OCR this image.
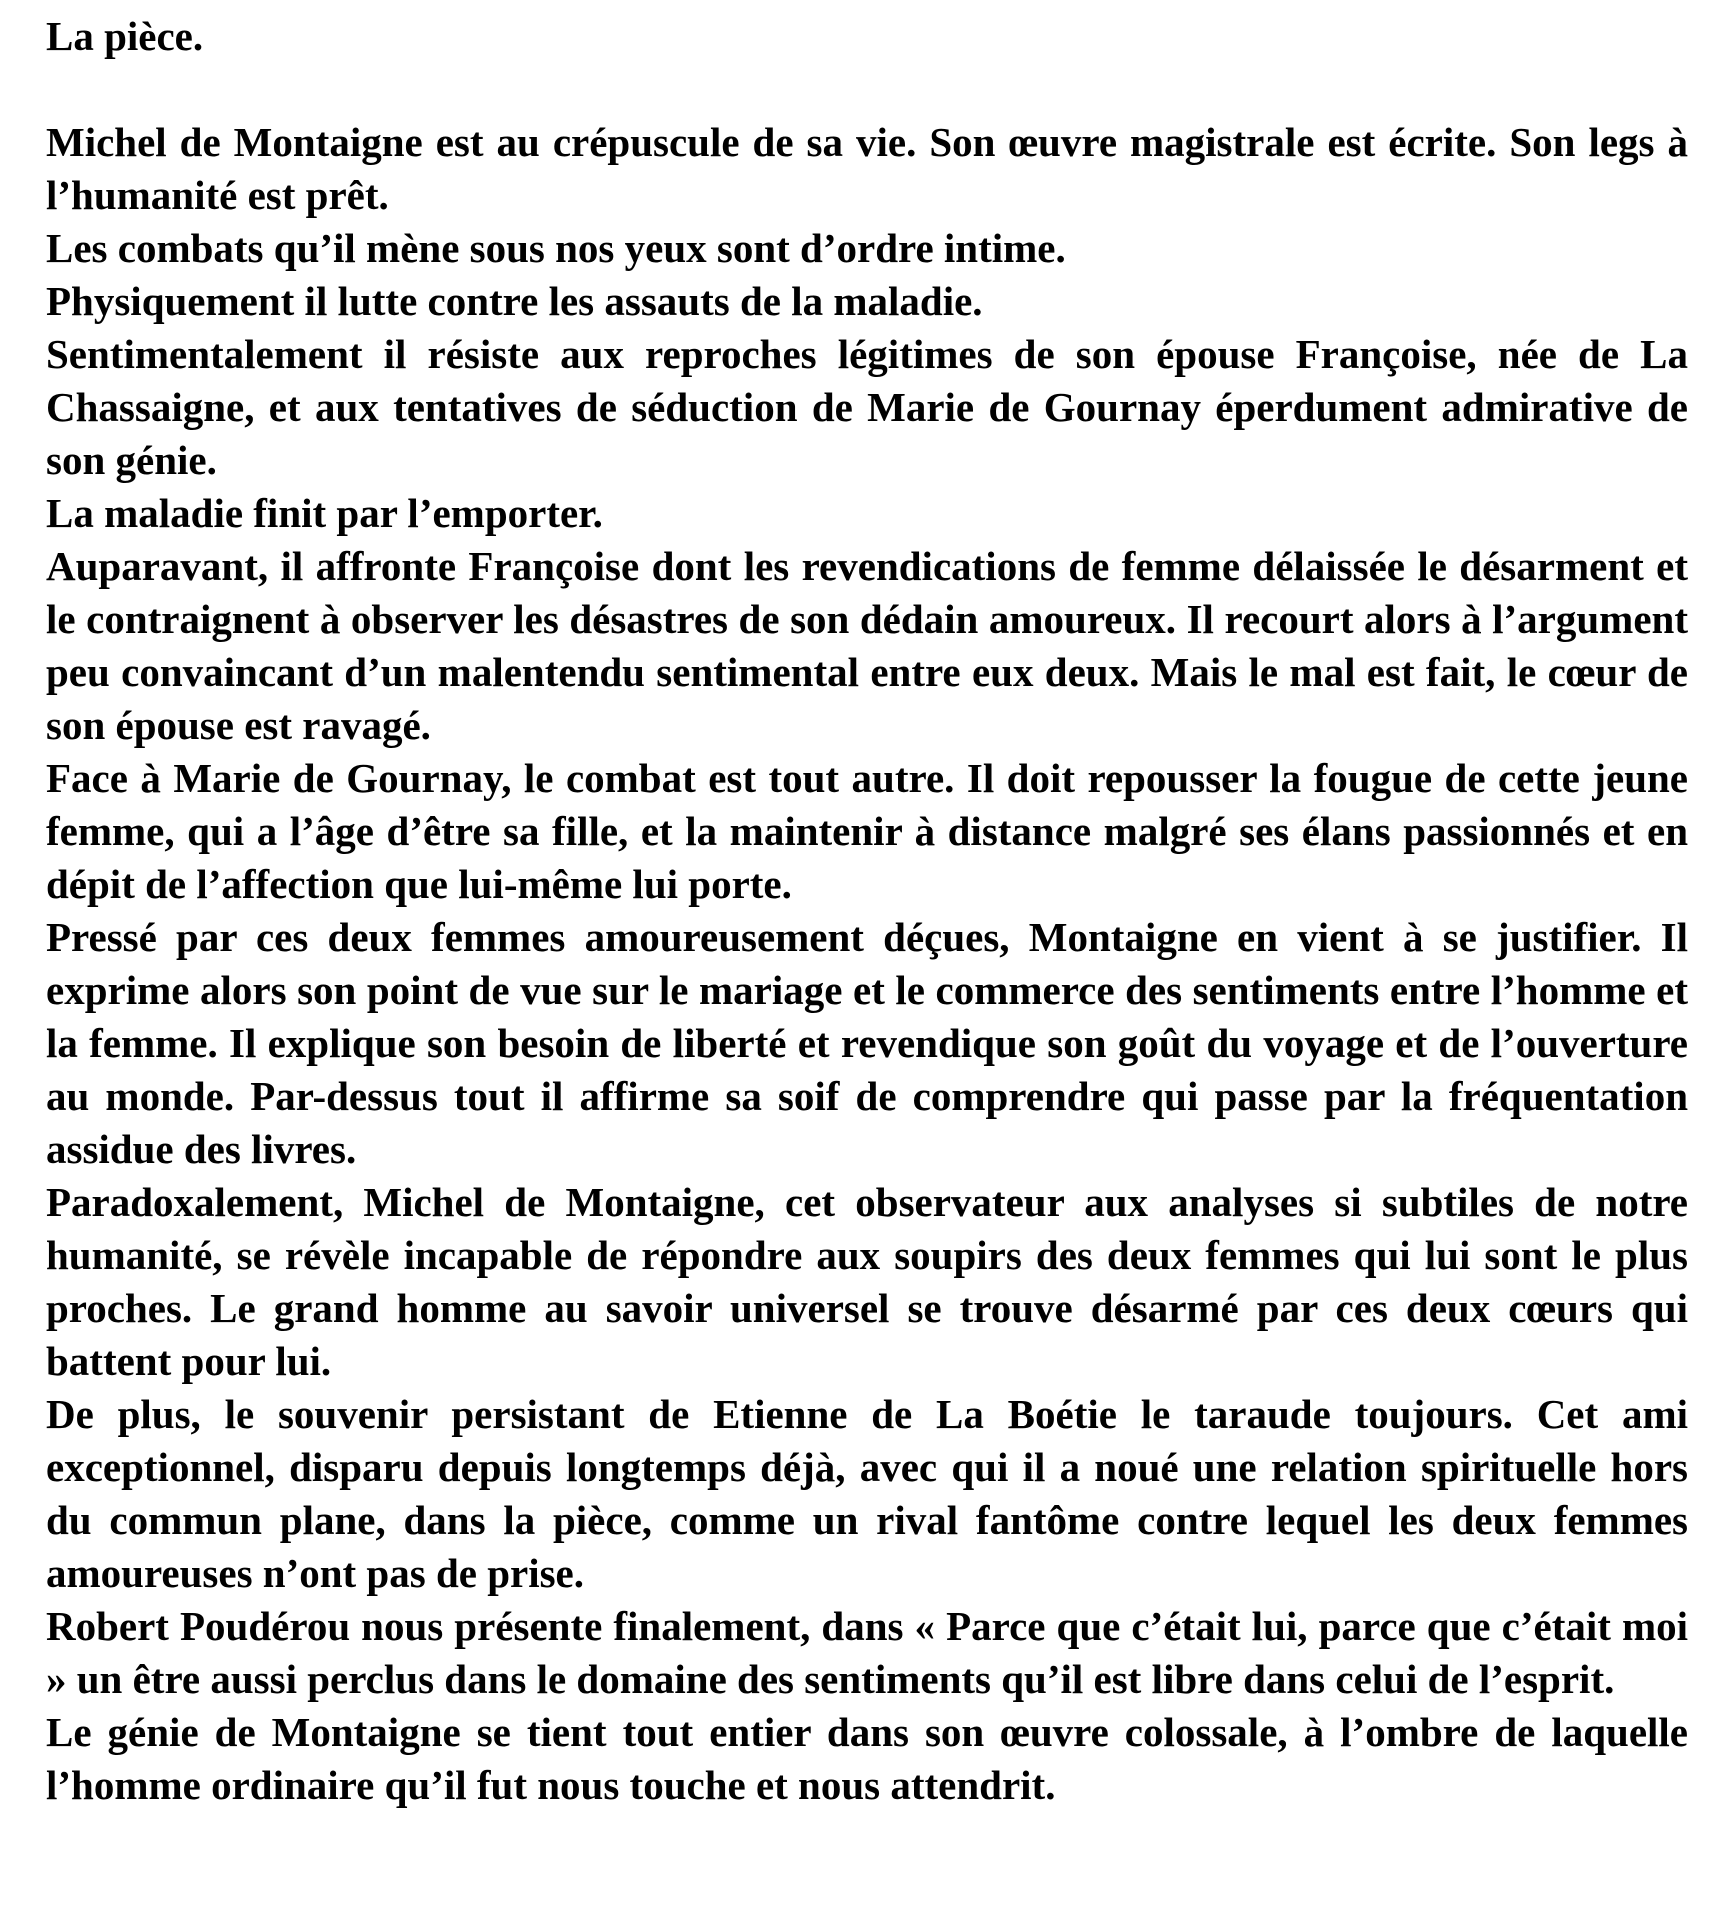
La pièce.

Michel de Montaigne est au crépuscule de sa vie. Son œuvre magistrale est écrite. Son legs à l’humanité est prêt.

Les combats qu’il mène sous nos yeux sont d’ordre intime.

Physiquement il lutte contre les assauts de la maladie.

Sentimentalement il résiste aux reproches légitimes de son épouse Françoise, née de La Chassaigne, et aux tentatives de séduction de Marie de Gournay éperdument admirative de son génie.

La maladie finit par l’emporter.

Auparavant, il affronte Françoise dont les revendications de femme délaissée le désarment et le contraignent à observer les désastres de son dédain amoureux. Il recourt alors à l’argument peu convaincant d’un malentendu sentimental entre eux deux. Mais le mal est fait, le cœur de son épouse est ravagé.

Face à Marie de Gournay, le combat est tout autre. Il doit repousser la fougue de cette jeune femme, qui a l’âge d’être sa fille, et la maintenir à distance malgré ses élans passionnés et en dépit de l’affection que lui-même lui porte.

Pressé par ces deux femmes amoureusement déçues, Montaigne en vient à se justifier. Il exprime alors son point de vue sur le mariage et le commerce des sentiments entre l’homme et la femme. Il explique son besoin de liberté et revendique son goût du voyage et de l’ouverture au monde. Par-dessus tout il affirme sa soif de comprendre qui passe par la fréquentation assidue des livres.

Paradoxalement, Michel de Montaigne, cet observateur aux analyses si subtiles de notre humanité, se révèle incapable de répondre aux soupirs des deux femmes qui lui sont le plus proches. Le grand homme au savoir universel se trouve désarmé par ces deux cœurs qui battent pour lui.

De plus, le souvenir persistant de Etienne de La Boétie le taraude toujours. Cet ami exceptionnel, disparu depuis longtemps déjà, avec qui il a noué une relation spirituelle hors du commun plane, dans la pièce, comme un rival fantôme contre lequel les deux femmes amoureuses n’ont pas de prise.

Robert Poudérou nous présente finalement, dans « Parce que c’était lui, parce que c’était moi » un être aussi perclus dans le domaine des sentiments qu’il est libre dans celui de l’esprit.

Le génie de Montaigne se tient tout entier dans son œuvre colossale, à l’ombre de laquelle l’homme ordinaire qu’il fut nous touche et nous attendrit.
